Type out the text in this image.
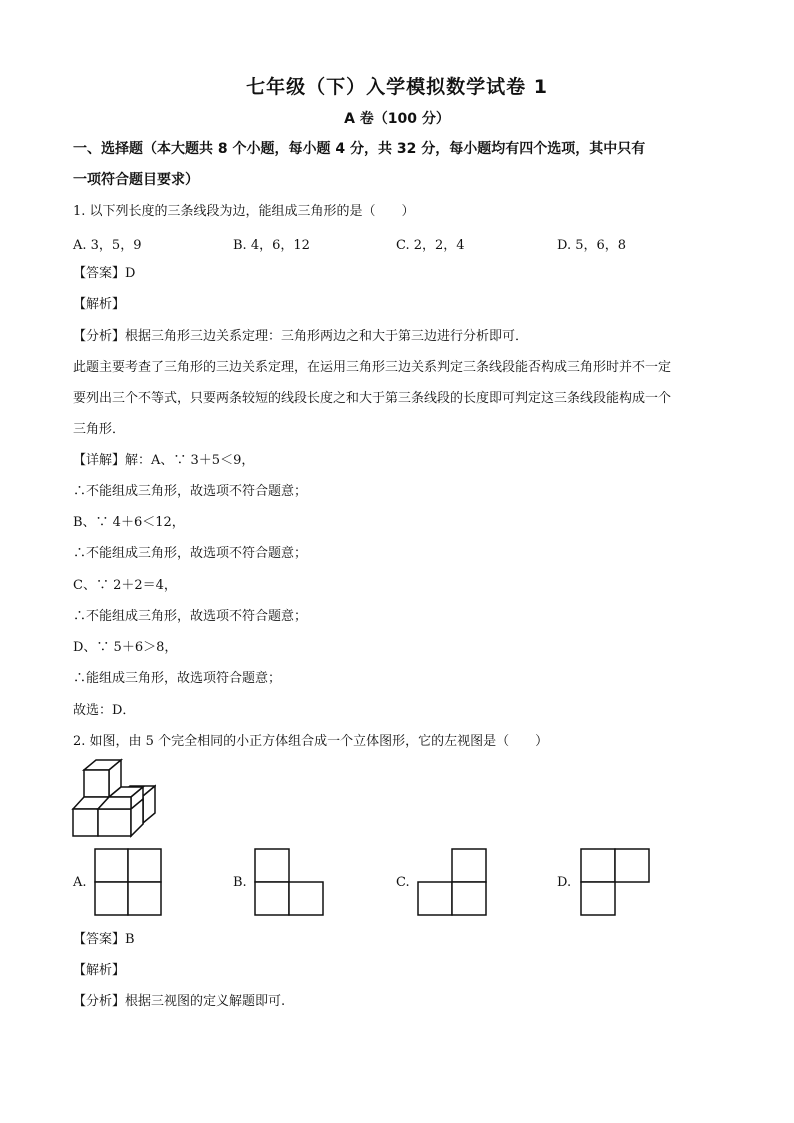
七年级（下）入学模拟数学试卷 1
A 卷（100 分）
一、选择题（本大题共 8 个小题，每小题 4 分，共 32 分，每小题均有四个选项，其中只有
一项符合题目要求）
1. 以下列长度的三条线段为边，能组成三角形的是（　　）
A. 3，5，9	B. 4，6，12	C. 2，2，4	D. 5，6，8
【答案】D
【解析】
【分析】根据三角形三边关系定理：三角形两边之和大于第三边进行分析即可．
此题主要考查了三角形的三边关系定理，在运用三角形三边关系判定三条线段能否构成三角形时并不一定
要列出三个不等式，只要两条较短的线段长度之和大于第三条线段的长度即可判定这三条线段能构成一个
三角形．
【详解】解：A、∵ 3＋5＜9，
∴不能组成三角形，故选项不符合题意；
B、∵ 4＋6＜12，
∴不能组成三角形，故选项不符合题意；
C、∵ 2＋2＝4，
∴不能组成三角形，故选项不符合题意；
D、∵ 5＋6＞8，
∴能组成三角形，故选项符合题意；
故选：D．
2. 如图，由 5 个完全相同的小正方体组合成一个立体图形，它的左视图是（　　）
A.	B.	C.	D.
【答案】B
【解析】
【分析】根据三视图的定义解题即可.
